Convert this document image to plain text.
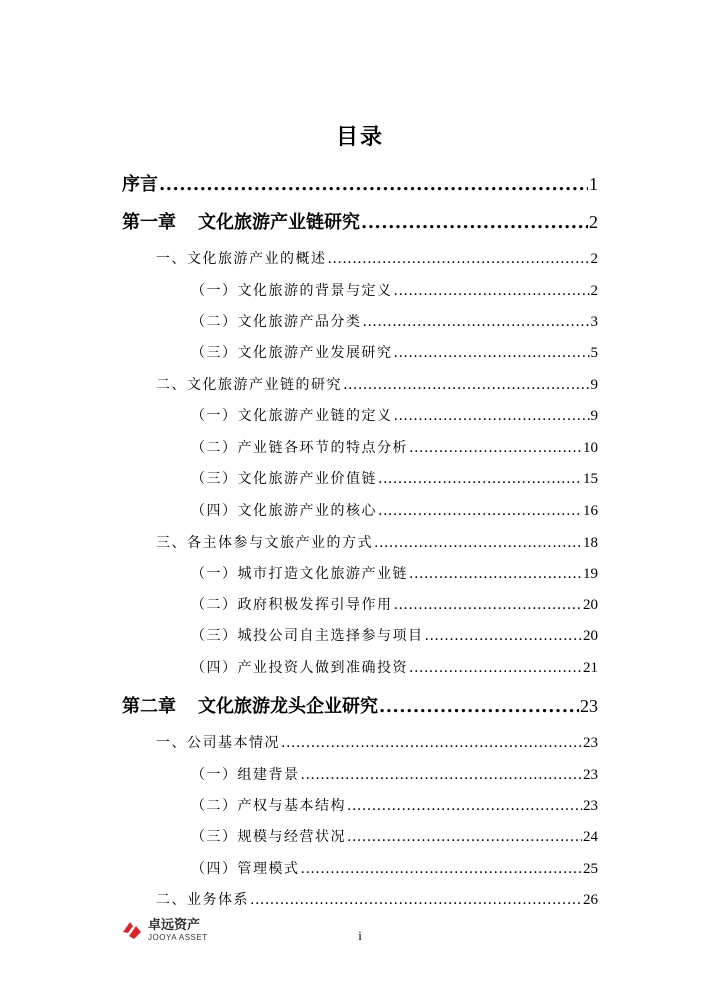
目录
序言 .....	1
第一章 文化旅游产业链研究 .....	2
一、文化旅游产业的概述 .....	2
（一）文化旅游的背景与定义 .....	2
（二）文化旅游产品分类 .....	3
（三）文化旅游产业发展研究 .....	5
二、文化旅游产业链的研究 .....	9
（一）文化旅游产业链的定义 .....	9
（二）产业链各环节的特点分析 .....	10
（三）文化旅游产业价值链 .....	15
（四）文化旅游产业的核心 .....	16
三、各主体参与文旅产业的方式 .....	18
（一）城市打造文化旅游产业链 .....	19
（二）政府积极发挥引导作用 .....	20
（三）城投公司自主选择参与项目 .....	20
（四）产业投资人做到准确投资 .....	21
第二章 文化旅游龙头企业研究 .....	23
一、公司基本情况 .....	23
（一）组建背景 .....	23
（二）产权与基本结构 .....	23
（三）规模与经营状况 .....	24
（四）管理模式 .....	25
二、业务体系 .....	26
卓远资产
JOOYA ASSET	i
